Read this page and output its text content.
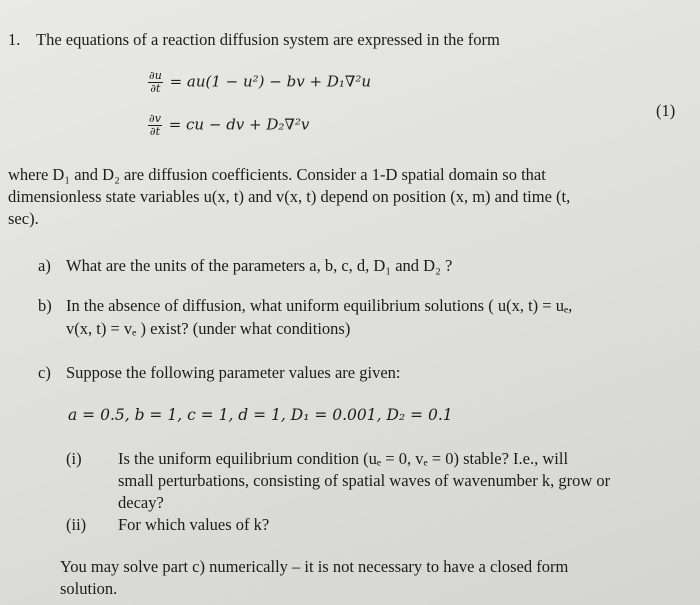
1. The equations of a reaction diffusion system are expressed in the form
$\frac{\partial u}{\partial t} = au(1 - u^2)$ − bv + D₁∇²u
$\frac{\partial v}{\partial t}$ = cu − dv + D₂∇²v
(1)
where D₁ and D₂ are diffusion coefficients. Consider a 1-D spatial domain so that
dimensionless state variables u(x, t) and v(x, t) depend on position (x, m) and time (t,
sec).
a) What are the units of the parameters a, b, c, d, D₁ and D₂ ?
b) In the absence of diffusion, what uniform equilibrium solutions ( u(x, t) = uₑ,
v(x, t) = vₑ ) exist? (under what conditions)
c) Suppose the following parameter values are given:
a = 0.5, b = 1, c = 1, d = 1, D₁ = 0.001, D₂ = 0.1
(i) Is the uniform equilibrium condition (uₑ = 0, vₑ = 0) stable? I.e., will
small perturbations, consisting of spatial waves of wavenumber k, grow or
decay?
(ii) For which values of k?
You may solve part c) numerically – it is not necessary to have a closed form
solution.
